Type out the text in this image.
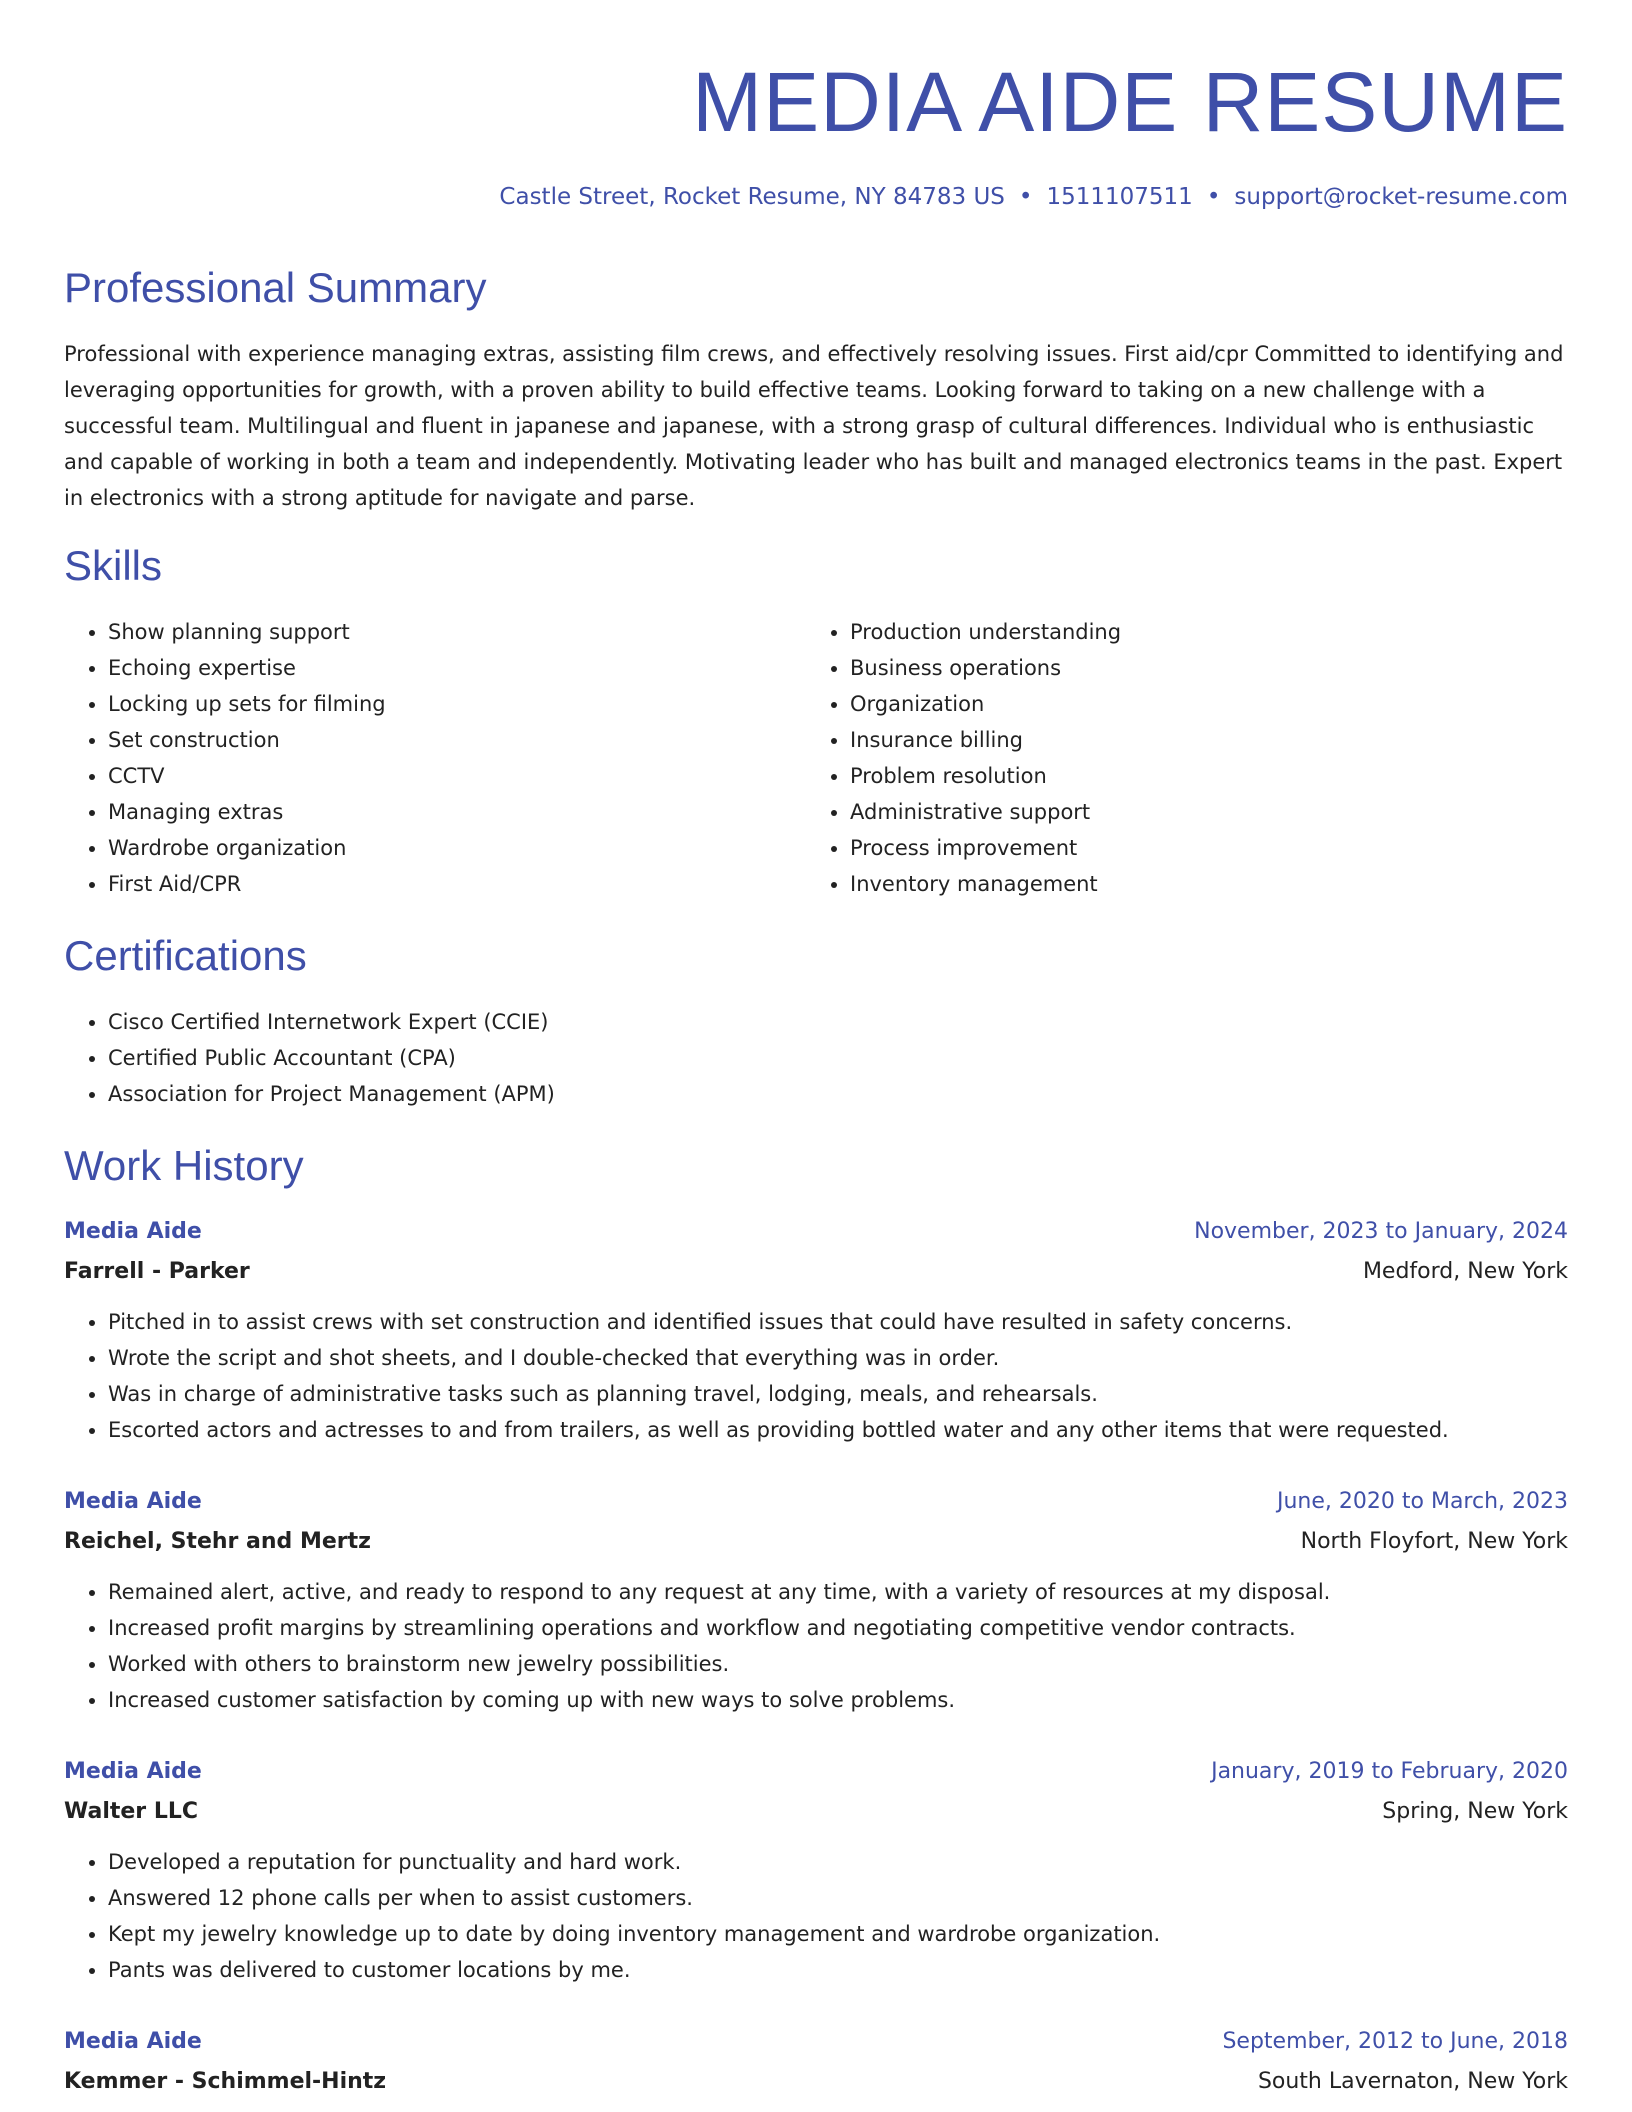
MEDIA AIDE RESUME
Castle Street, Rocket Resume, NY 84783 US • 1511107511 • support@rocket-resume.com
Professional Summary

Professional with experience managing extras, assisting film crews, and effectively resolving issues. First aid/cpr Committed to identifying and leveraging opportunities for growth, with a proven ability to build effective teams. Looking forward to taking on a new challenge with a successful team. Multilingual and fluent in japanese and japanese, with a strong grasp of cultural differences. Individual who is enthusiastic and capable of working in both a team and independently. Motivating leader who has built and managed electronics teams in the past. Expert in electronics with a strong aptitude for navigate and parse.

Skills
• Show planning support
• Echoing expertise
• Locking up sets for filming
• Set construction
• CCTV
• Managing extras
• Wardrobe organization
• First Aid/CPR
• Production understanding
• Business operations
• Organization
• Insurance billing
• Problem resolution
• Administrative support
• Process improvement
• Inventory management
Certifications
• Cisco Certified Internetwork Expert (CCIE)
• Certified Public Accountant (CPA)
• Association for Project Management (APM)
Work History
Media Aide	November, 2023 to January, 2024
Farrell - Parker	Medford, New York
• Pitched in to assist crews with set construction and identified issues that could have resulted in safety concerns.
• Wrote the script and shot sheets, and I double-checked that everything was in order.
• Was in charge of administrative tasks such as planning travel, lodging, meals, and rehearsals.
• Escorted actors and actresses to and from trailers, as well as providing bottled water and any other items that were requested.
Media Aide	June, 2020 to March, 2023
Reichel, Stehr and Mertz	North Floyfort, New York
• Remained alert, active, and ready to respond to any request at any time, with a variety of resources at my disposal.
• Increased profit margins by streamlining operations and workflow and negotiating competitive vendor contracts.
• Worked with others to brainstorm new jewelry possibilities.
• Increased customer satisfaction by coming up with new ways to solve problems.
Media Aide	January, 2019 to February, 2020
Walter LLC	Spring, New York
• Developed a reputation for punctuality and hard work.
• Answered 12 phone calls per when to assist customers.
• Kept my jewelry knowledge up to date by doing inventory management and wardrobe organization.
• Pants was delivered to customer locations by me.
Media Aide	September, 2012 to June, 2018
Kemmer - Schimmel-Hintz	South Lavernaton, New York
